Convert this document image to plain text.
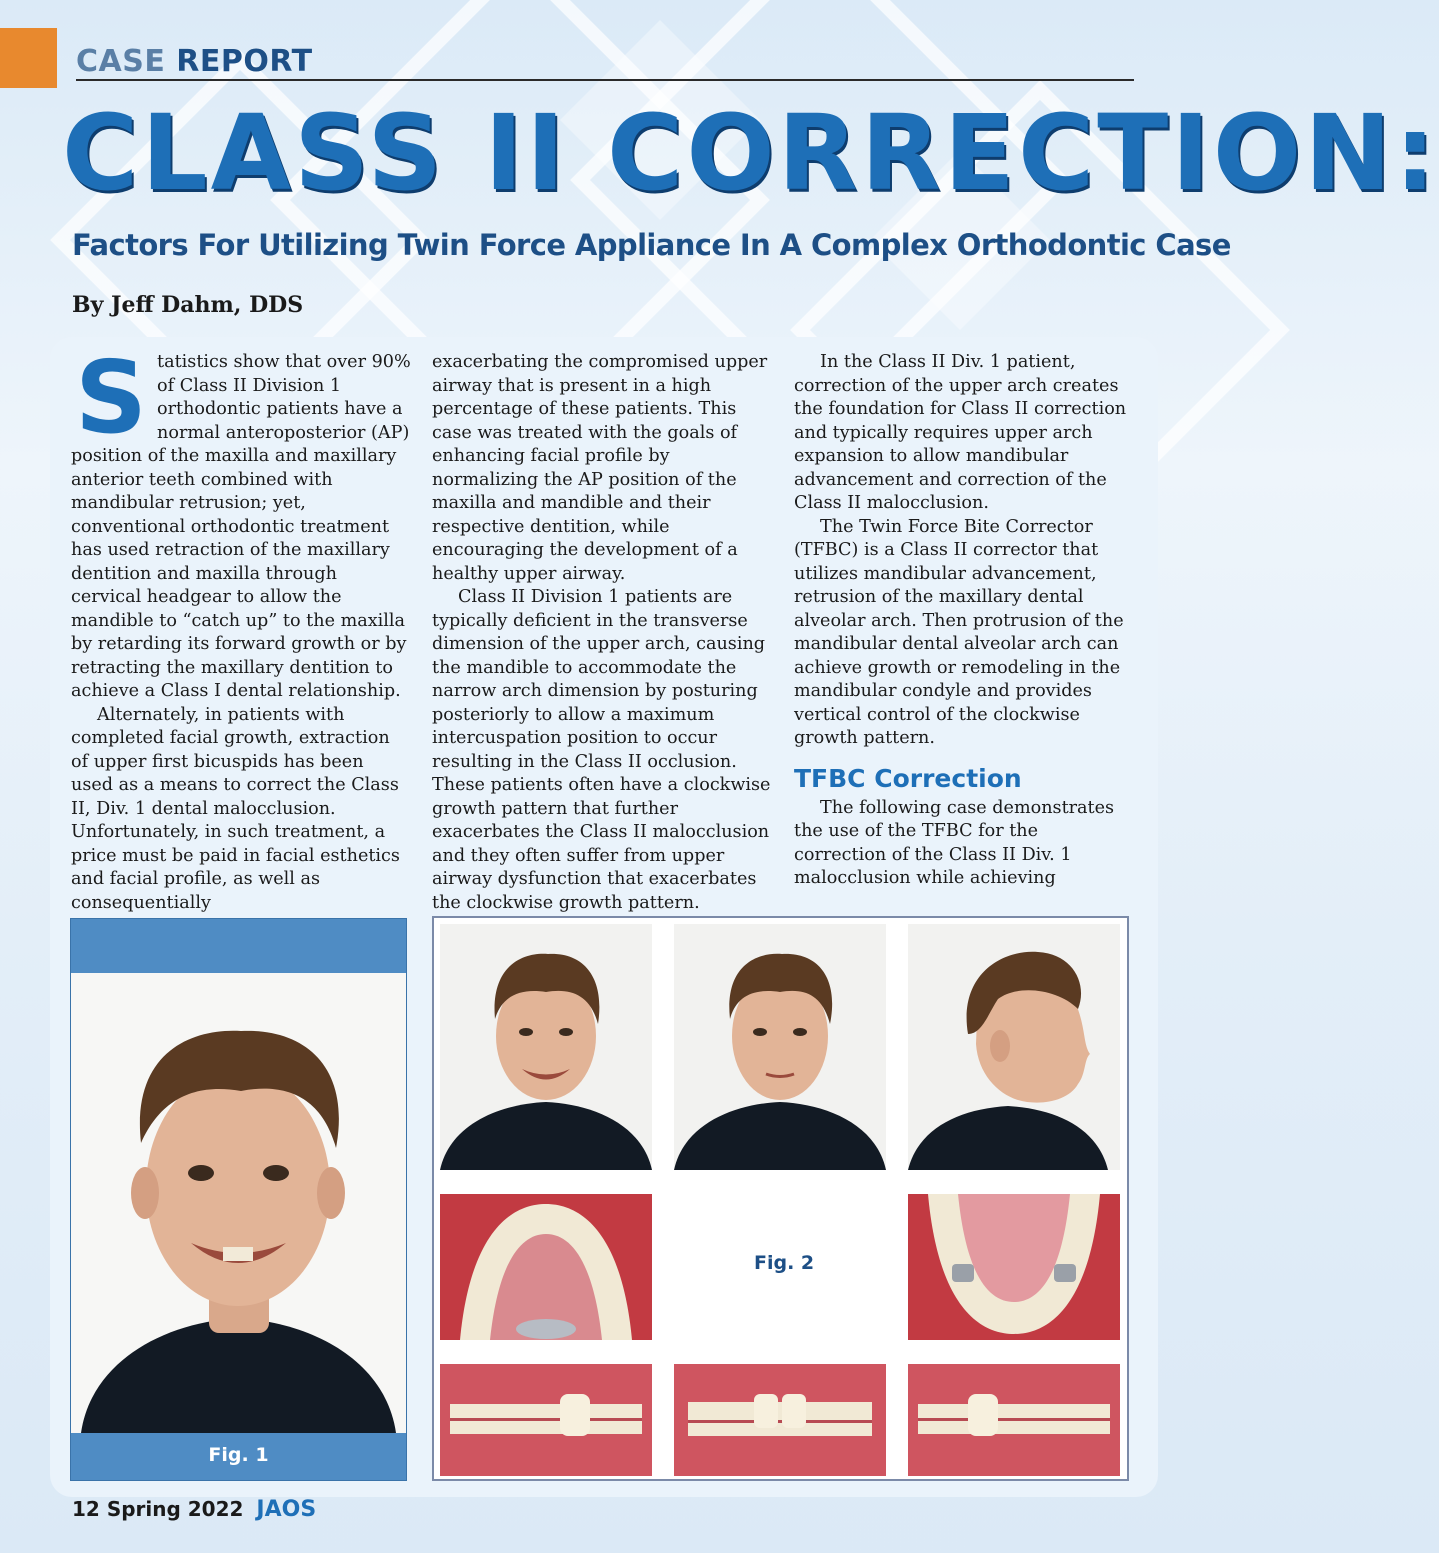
CASE REPORT
CLASS II CORRECTION:
Factors For Utilizing Twin Force Appliance In A Complex Orthodontic Case
By Jeff Dahm, DDS
S tatistics show that over 90% of Class II Division 1 orthodontic patients have a normal anteroposterior (AP) position of the maxilla and maxillary anterior teeth combined with mandibular retrusion; yet, conventional orthodontic treatment has used retraction of the maxillary dentition and maxilla through cervical headgear to allow the mandible to “catch up” to the maxilla by retarding its forward growth or by retracting the maxillary dentition to achieve a Class I dental relationship.

Alternately, in patients with completed facial growth, extraction of upper first bicuspids has been used as a means to correct the Class II, Div. 1 dental malocclusion. Unfortunately, in such treatment, a price must be paid in facial esthetics and facial profile, as well as consequentially

exacerbating the compromised upper airway that is present in a high percentage of these patients. This case was treated with the goals of enhancing facial profile by normalizing the AP position of the maxilla and mandible and their respective dentition, while encouraging the development of a healthy upper airway.

Class II Division 1 patients are typically deficient in the transverse dimension of the upper arch, causing the mandible to accommodate the narrow arch dimension by posturing posteriorly to allow a maximum intercuspation position to occur resulting in the Class II occlusion. These patients often have a clockwise growth pattern that further exacerbates the Class II malocclusion and they often suffer from upper airway dysfunction that exacerbates the clockwise growth pattern.

In the Class II Div. 1 patient, correction of the upper arch creates the foundation for Class II correction and typically requires upper arch expansion to allow mandibular advancement and correction of the Class II malocclusion.

The Twin Force Bite Corrector (TFBC) is a Class II corrector that utilizes mandibular advancement, retrusion of the maxillary dental alveolar arch. Then protrusion of the mandibular dental alveolar arch can achieve growth or remodeling in the mandibular condyle and provides vertical control of the clockwise growth pattern.

TFBC Correction

The following case demonstrates the use of the TFBC for the correction of the Class II Div. 1 malocclusion while achieving

Fig. 1
Fig. 2
12 Spring 2022 JAOS
